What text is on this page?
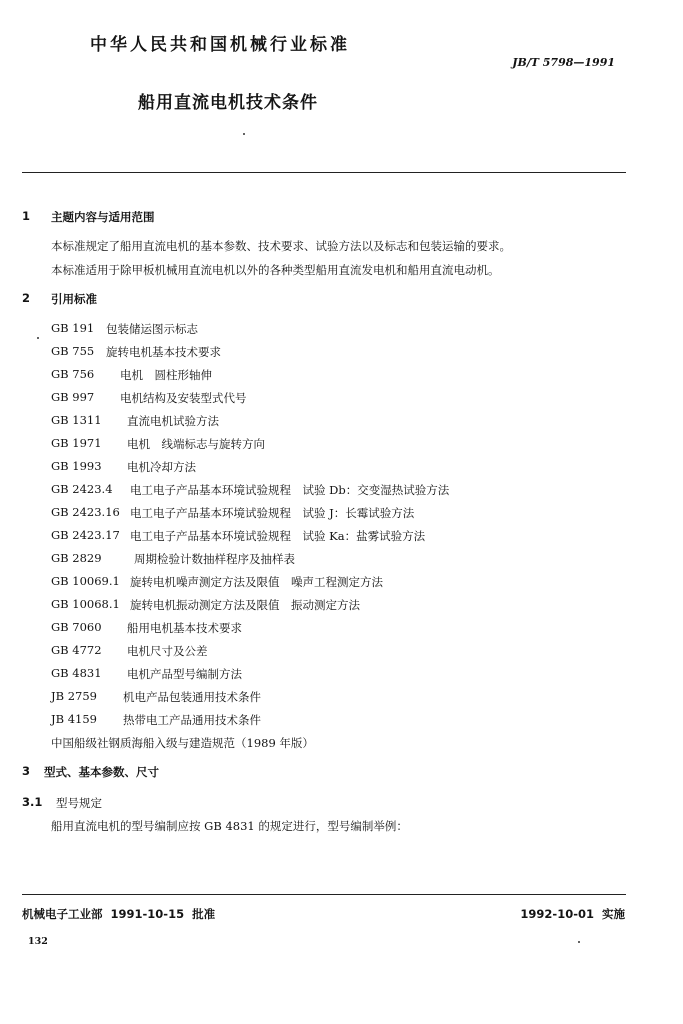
中华人民共和国机械行业标准
JB/T 5798—1991
船用直流电机技术条件
1 主题内容与适用范围
本标准规定了船用直流电机的基本参数、技术要求、试验方法以及标志和包装运输的要求。
本标准适用于除甲板机械用直流电机以外的各种类型船用直流发电机和船用直流电动机。
2 引用标准
GB 191 包装储运图示标志
GB 755 旋转电机基本技术要求
GB 756 电机　圆柱形轴伸
GB 997 电机结构及安装型式代号
GB 1311 直流电机试验方法
GB 1971 电机　线端标志与旋转方向
GB 1993 电机冷却方法
GB 2423.4 电工电子产品基本环境试验规程　试验 Db：交变湿热试验方法
GB 2423.16 电工电子产品基本环境试验规程　试验 J：长霉试验方法
GB 2423.17 电工电子产品基本环境试验规程　试验 Ka：盐雾试验方法
GB 2829	周期检验计数抽样程序及抽样表
GB 10069.1 旋转电机噪声测定方法及限值　噪声工程测定方法
GB 10068.1 旋转电机振动测定方法及限值　振动测定方法
GB 7060 船用电机基本技术要求
GB 4772 电机尺寸及公差
GB 4831 电机产品型号编制方法
JB 2759 机电产品包装通用技术条件
JB 4159 热带电工产品通用技术条件
中国船级社钢质海船入级与建造规范（1989 年版）
3 型式、基本参数、尺寸
3.1 型号规定
船用直流电机的型号编制应按 GB 4831 的规定进行，型号编制举例：
机械电子工业部 1991-10-15 批准	1992-10-01 实施
132
